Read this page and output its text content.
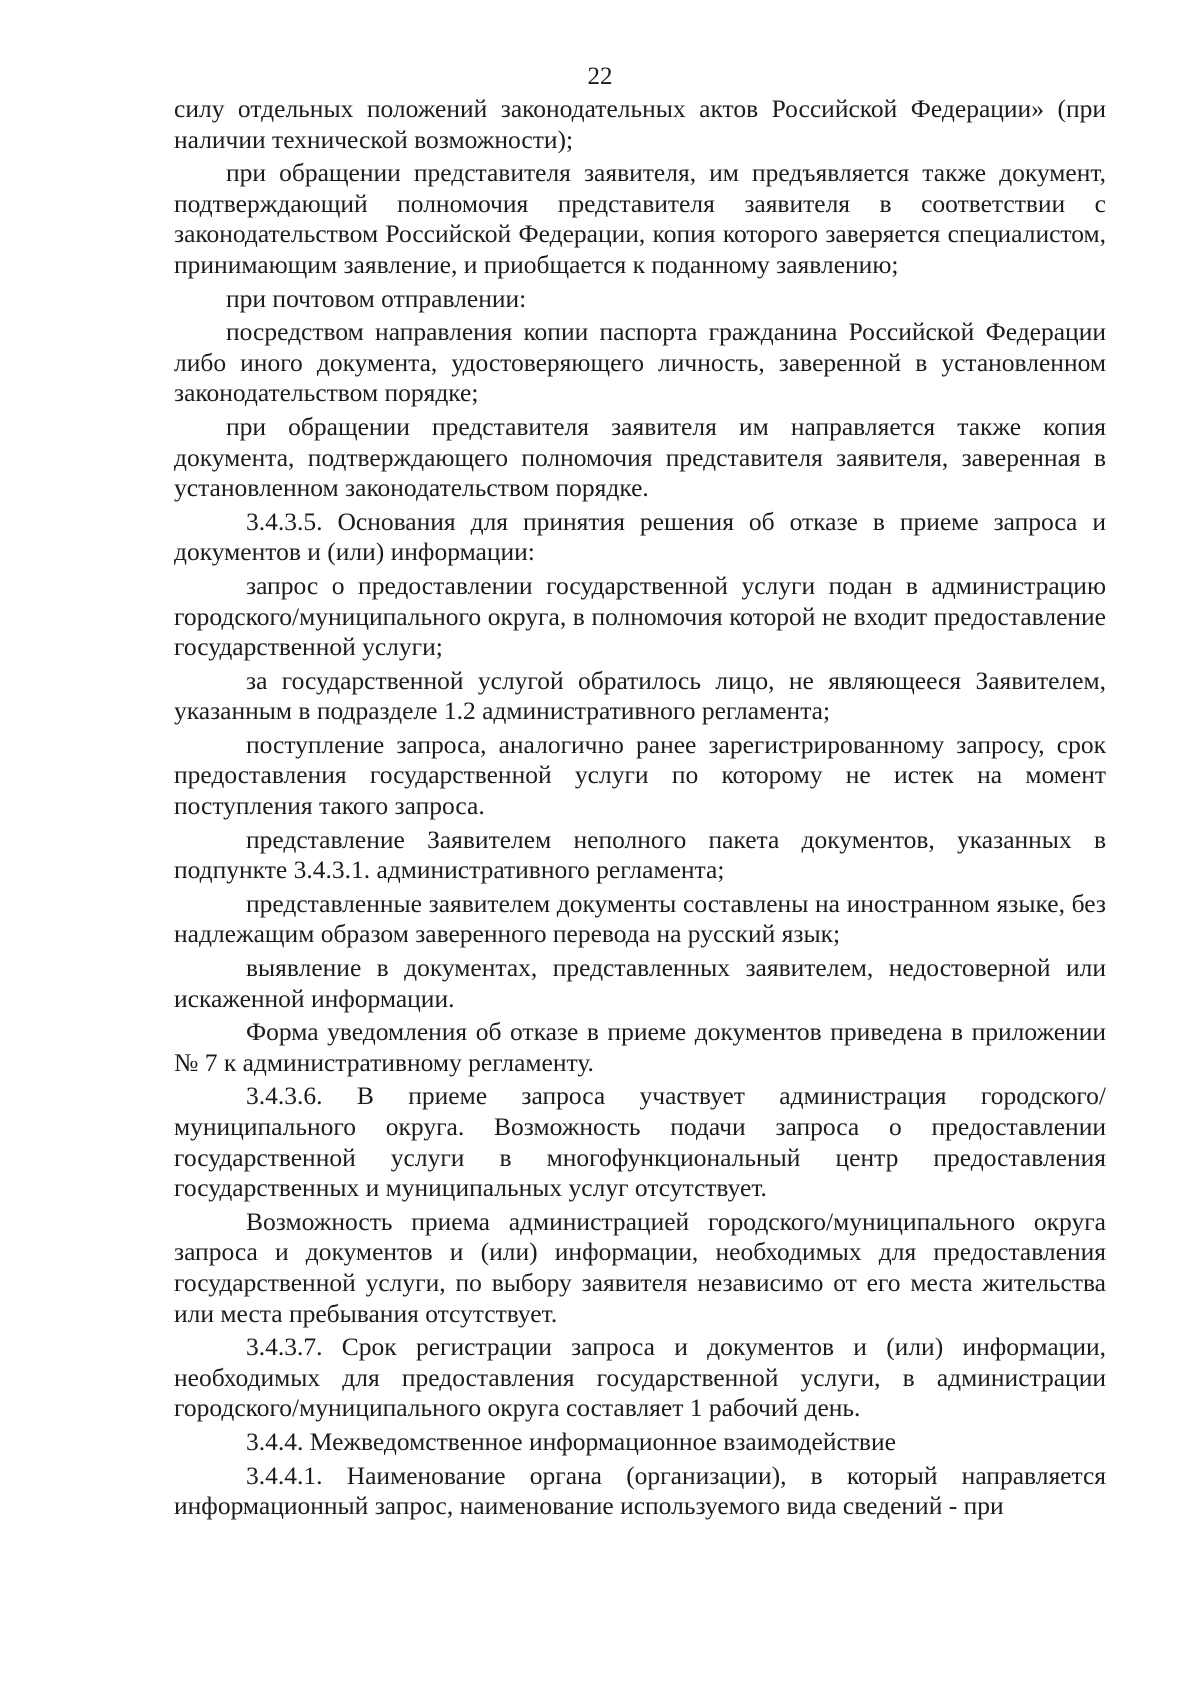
22

силу отдельных положений законодательных актов Российской Федерации» (при наличии технической возможности);

при обращении представителя заявителя, им предъявляется также документ, подтверждающий полномочия представителя заявителя в соответствии с законодательством Российской Федерации, копия которого заверяется специалистом, принимающим заявление, и приобщается к поданному заявлению;

при почтовом отправлении:

посредством направления копии паспорта гражданина Российской Федерации либо иного документа, удостоверяющего личность, заверенной в установленном законодательством порядке;

при обращении представителя заявителя им направляется также копия документа, подтверждающего полномочия представителя заявителя, заверенная в установленном законодательством порядке.

3.4.3.5. Основания для принятия решения об отказе в приеме запроса и документов и (или) информации:

запрос о предоставлении государственной услуги подан в администрацию городского/муниципального округа, в полномочия которой не входит предоставление государственной услуги;

за государственной услугой обратилось лицо, не являющееся Заявителем, указанным в подразделе 1.2 административного регламента;

поступление запроса, аналогично ранее зарегистрированному запросу, срок предоставления государственной услуги по которому не истек на момент поступления такого запроса.

представление Заявителем неполного пакета документов, указанных в подпункте 3.4.3.1. административного регламента;

представленные заявителем документы составлены на иностранном языке, без надлежащим образом заверенного перевода на русский язык;

выявление в документах, представленных заявителем, недостоверной или искаженной информации.

Форма уведомления об отказе в приеме документов приведена в приложении № 7 к административному регламенту.

3.4.3.6. В приеме запроса участвует администрация городского/муниципального округа. Возможность подачи запроса о предоставлении государственной услуги в многофункциональный центр предоставления государственных и муниципальных услуг отсутствует.

Возможность приема администрацией городского/муниципального округа запроса и документов и (или) информации, необходимых для предоставления государственной услуги, по выбору заявителя независимо от его места жительства или места пребывания отсутствует.

3.4.3.7. Срок регистрации запроса и документов и (или) информации, необходимых для предоставления государственной услуги, в администрации городского/муниципального округа составляет 1 рабочий день.

3.4.4. Межведомственное информационное взаимодействие

3.4.4.1. Наименование органа (организации), в который направляется информационный запрос, наименование используемого вида сведений - при
